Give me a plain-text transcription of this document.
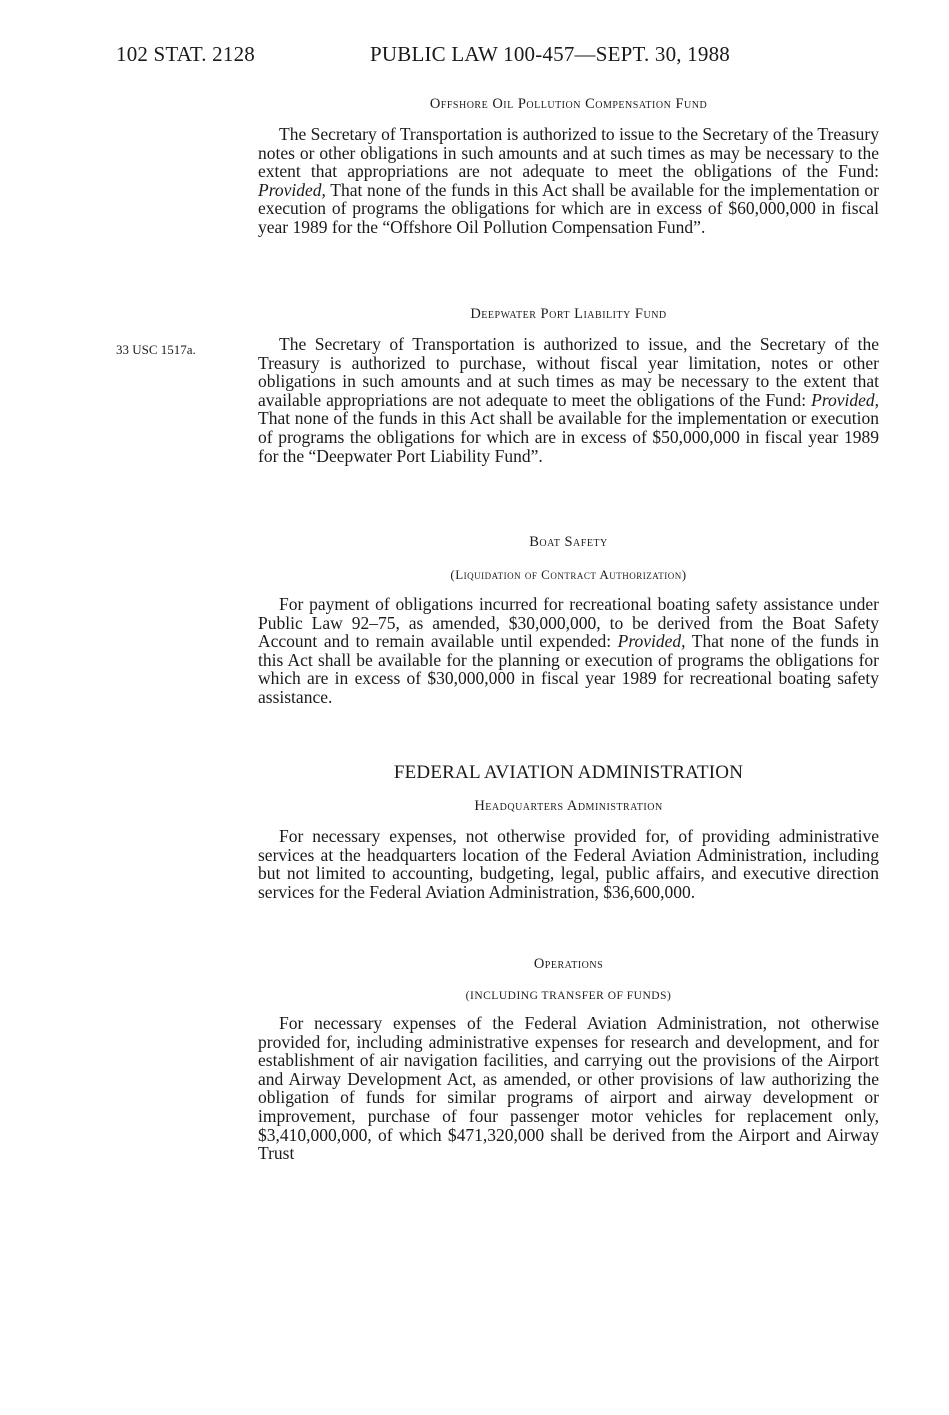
102 STAT. 2128	PUBLIC LAW 100-457—SEPT. 30, 1988

Offshore Oil Pollution Compensation Fund

The Secretary of Transportation is authorized to issue to the Secretary of the Treasury notes or other obligations in such amounts and at such times as may be necessary to the extent that appropriations are not adequate to meet the obligations of the Fund: Provided, That none of the funds in this Act shall be available for the implementation or execution of programs the obligations for which are in excess of $60,000,000 in fiscal year 1989 for the “Offshore Oil Pollution Compensation Fund”.

33 USC 1517a.

Deepwater Port Liability Fund

The Secretary of Transportation is authorized to issue, and the Secretary of the Treasury is authorized to purchase, without fiscal year limitation, notes or other obligations in such amounts and at such times as may be necessary to the extent that available appropriations are not adequate to meet the obligations of the Fund: Provided, That none of the funds in this Act shall be available for the implementation or execution of programs the obligations for which are in excess of $50,000,000 in fiscal year 1989 for the “Deepwater Port Liability Fund”.

Boat Safety

(Liquidation of Contract Authorization)

For payment of obligations incurred for recreational boating safety assistance under Public Law 92–75, as amended, $30,000,000, to be derived from the Boat Safety Account and to remain available until expended: Provided, That none of the funds in this Act shall be available for the planning or execution of programs the obligations for which are in excess of $30,000,000 in fiscal year 1989 for recreational boating safety assistance.

FEDERAL AVIATION ADMINISTRATION

Headquarters Administration

For necessary expenses, not otherwise provided for, of providing administrative services at the headquarters location of the Federal Aviation Administration, including but not limited to accounting, budgeting, legal, public affairs, and executive direction services for the Federal Aviation Administration, $36,600,000.

Operations

(INCLUDING TRANSFER OF FUNDS)

For necessary expenses of the Federal Aviation Administration, not otherwise provided for, including administrative expenses for research and development, and for establishment of air navigation facilities, and carrying out the provisions of the Airport and Airway Development Act, as amended, or other provisions of law authorizing the obligation of funds for similar programs of airport and airway development or improvement, purchase of four passenger motor vehicles for replacement only, $3,410,000,000, of which $471,320,000 shall be derived from the Airport and Airway Trust
